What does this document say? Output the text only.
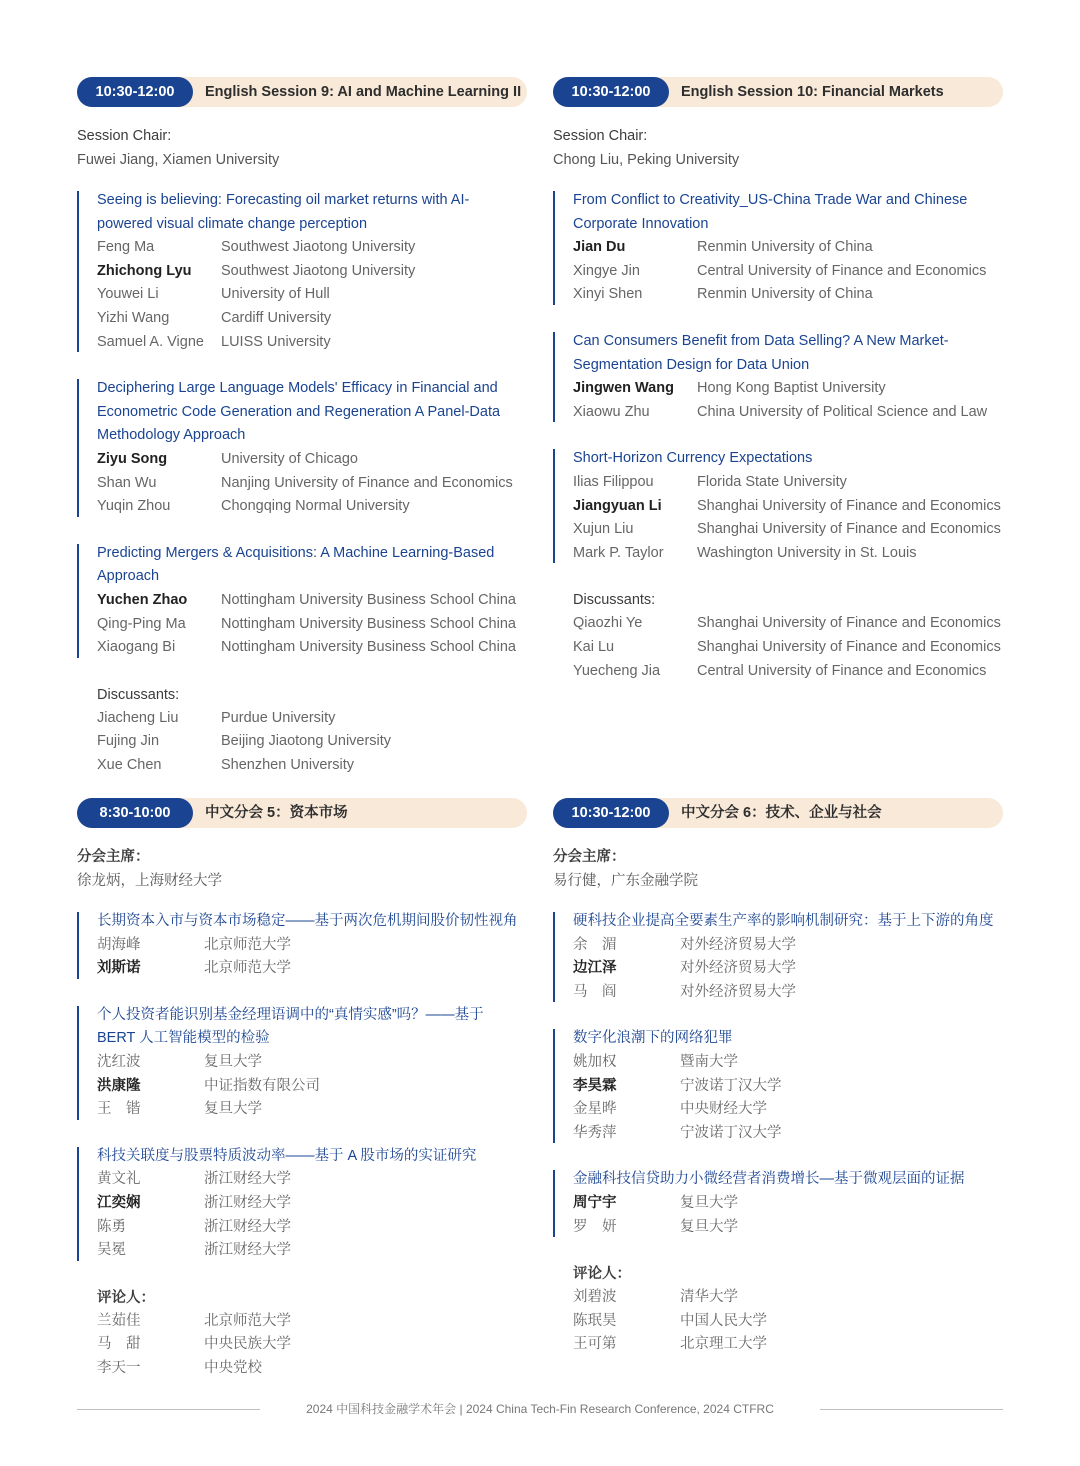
10:30-12:00	English Session 9: AI and Machine Learning II
Session Chair:
Fuwei Jiang, Xiamen University
Seeing is believing: Forecasting oil market returns with AI-powered visual climate change perception
Feng Ma	Southwest Jiaotong University
Zhichong Lyu	Southwest Jiaotong University
Youwei Li	University of Hull
Yizhi Wang	Cardiff University
Samuel A. Vigne	LUISS University
Deciphering Large Language Models' Efficacy in Financial and Econometric Code Generation and Regeneration A Panel-Data Methodology Approach
Ziyu Song	University of Chicago
Shan Wu	Nanjing University of Finance and Economics
Yuqin Zhou	Chongqing Normal University
Predicting Mergers & Acquisitions: A Machine Learning-Based Approach
Yuchen Zhao	Nottingham University Business School China
Qing-Ping Ma	Nottingham University Business School China
Xiaogang Bi	Nottingham University Business School China
Discussants:
Jiacheng Liu	Purdue University
Fujing Jin	Beijing Jiaotong University
Xue Chen	Shenzhen University
10:30-12:00	English Session 10: Financial Markets
Session Chair:
Chong Liu, Peking University
From Conflict to Creativity_US-China Trade War and Chinese Corporate Innovation
Jian Du	Renmin University of China
Xingye Jin	Central University of Finance and Economics
Xinyi Shen	Renmin University of China
Can Consumers Benefit from Data Selling? A New Market-Segmentation Design for Data Union
Jingwen Wang	Hong Kong Baptist University
Xiaowu Zhu	China University of Political Science and Law
Short-Horizon Currency Expectations
Ilias Filippou	Florida State University
Jiangyuan Li	Shanghai University of Finance and Economics
Xujun Liu	Shanghai University of Finance and Economics
Mark P. Taylor	Washington University in St. Louis
Discussants:
Qiaozhi Ye	Shanghai University of Finance and Economics
Kai Lu	Shanghai University of Finance and Economics
Yuecheng Jia	Central University of Finance and Economics
8:30-10:00	中文分会 5：资本市场
分会主席：
徐龙炳，上海财经大学
长期资本入市与资本市场稳定——基于两次危机期间股价韧性视角
胡海峰	北京师范大学
刘斯诺	北京师范大学
个人投资者能识别基金经理语调中的“真情实感”吗？——基于 BERT 人工智能模型的检验
沈红波	复旦大学
洪康隆	中证指数有限公司
王　锴	复旦大学
科技关联度与股票特质波动率——基于 A 股市场的实证研究
黄文礼	浙江财经大学
江奕娴	浙江财经大学
陈勇	浙江财经大学
吴冕	浙江财经大学
评论人：
兰茹佳	北京师范大学
马　甜	中央民族大学
李天一	中央党校
10:30-12:00	中文分会 6：技术、企业与社会
分会主席：
易行健，广东金融学院
硬科技企业提高全要素生产率的影响机制研究：基于上下游的角度
余　湄	对外经济贸易大学
边江泽	对外经济贸易大学
马　阎	对外经济贸易大学
数字化浪潮下的网络犯罪
姚加权	暨南大学
李昊霖	宁波诺丁汉大学
金星晔	中央财经大学
华秀萍	宁波诺丁汉大学
金融科技信贷助力小微经营者消费增长—基于微观层面的证据
周宁宇	复旦大学
罗　妍	复旦大学
评论人：
刘碧波	清华大学
陈珉昊	中国人民大学
王可第	北京理工大学
2024 中国科技金融学术年会 | 2024 China Tech-Fin Research Conference, 2024 CTFRC
